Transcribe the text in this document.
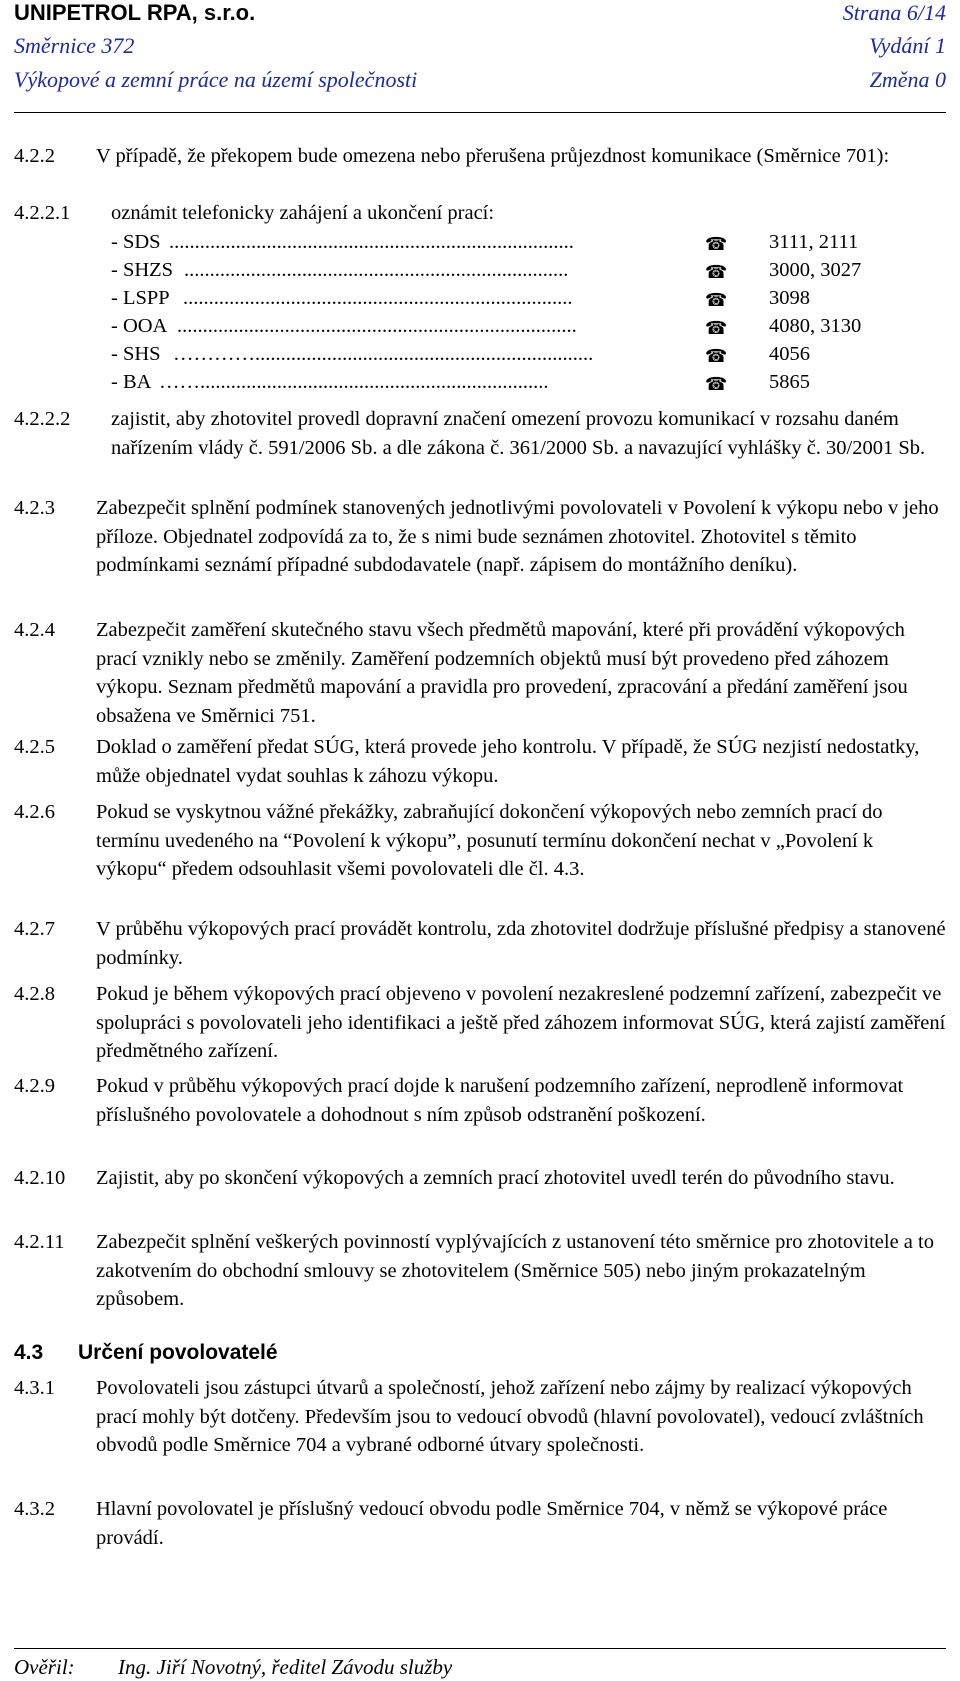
UNIPETROL RPA, s.r.o.	Strana 6/14
Směrnice 372	Vydání 1
Výkopové a zemní práce na území společnosti	Změna 0
4.2.2 V případě, že překopem bude omezena nebo přerušena průjezdnost komunikace (Směrnice 701):
4.2.2.1 oznámit telefonicky zahájení a ukončení prací:
- SDS ...............................................................................	☎ 3111, 2111
- SHZS ...........................................................................	☎ 3000, 3027
- LSPP ............................................................................	☎ 3098
- OOA ..............................................................................	☎ 4080, 3130
- SHS …………..................................................................	☎ 4056
- BA ……....................................................................	☎ 5865
4.2.2.2 zajistit, aby zhotovitel provedl dopravní značení omezení provozu komunikací v rozsahu daném nařízením vlády č. 591/2006 Sb. a dle zákona č. 361/2000 Sb. a navazující vyhlášky č. 30/2001 Sb.
4.2.3 Zabezpečit splnění podmínek stanovených jednotlivými povolovateli v Povolení k výkopu nebo v jeho příloze. Objednatel zodpovídá za to, že s nimi bude seznámen zhotovitel. Zhotovitel s těmito podmínkami seznámí případné subdodavatele (např. zápisem do montážního deníku).
4.2.4 Zabezpečit zaměření skutečného stavu všech předmětů mapování, které při provádění výkopových prací vznikly nebo se změnily. Zaměření podzemních objektů musí být provedeno před záhozem výkopu. Seznam předmětů mapování a pravidla pro provedení, zpracování a předání zaměření jsou obsažena ve Směrnici 751.
4.2.5 Doklad o zaměření předat SÚG, která provede jeho kontrolu. V případě, že SÚG nezjistí nedostatky, může objednatel vydat souhlas k záhozu výkopu.
4.2.6 Pokud se vyskytnou vážné překážky, zabraňující dokončení výkopových nebo zemních prací do termínu uvedeného na “Povolení k výkopu”, posunutí termínu dokončení nechat v „Povolení k výkopu“ předem odsouhlasit všemi povolovateli dle čl. 4.3.
4.2.7 V průběhu výkopových prací provádět kontrolu, zda zhotovitel dodržuje příslušné předpisy a stanovené podmínky.
4.2.8 Pokud je během výkopových prací objeveno v povolení nezakreslené podzemní zařízení, zabezpečit ve spolupráci s povolovateli jeho identifikaci a ještě před záhozem informovat SÚG, která zajistí zaměření předmětného zařízení.
4.2.9 Pokud v průběhu výkopových prací dojde k narušení podzemního zařízení, neprodleně informovat příslušného povolovatele a dohodnout s ním způsob odstranění poškození.
4.2.10 Zajistit, aby po skončení výkopových a zemních prací zhotovitel uvedl terén do původního stavu.
4.2.11 Zabezpečit splnění veškerých povinností vyplývajících z ustanovení této směrnice pro zhotovitele a to zakotvením do obchodní smlouvy se zhotovitelem (Směrnice 505) nebo jiným prokazatelným způsobem.
4.3 Určení povolovatelé
4.3.1 Povolovateli jsou zástupci útvarů a společností, jehož zařízení nebo zájmy by realizací výkopových prací mohly být dotčeny. Především jsou to vedoucí obvodů (hlavní povolovatel), vedoucí zvláštních obvodů podle Směrnice 704 a vybrané odborné útvary společnosti.
4.3.2 Hlavní povolovatel je příslušný vedoucí obvodu podle Směrnice 704, v němž se výkopové práce provádí.
Ověřil: Ing. Jiří Novotný, ředitel Závodu služby
